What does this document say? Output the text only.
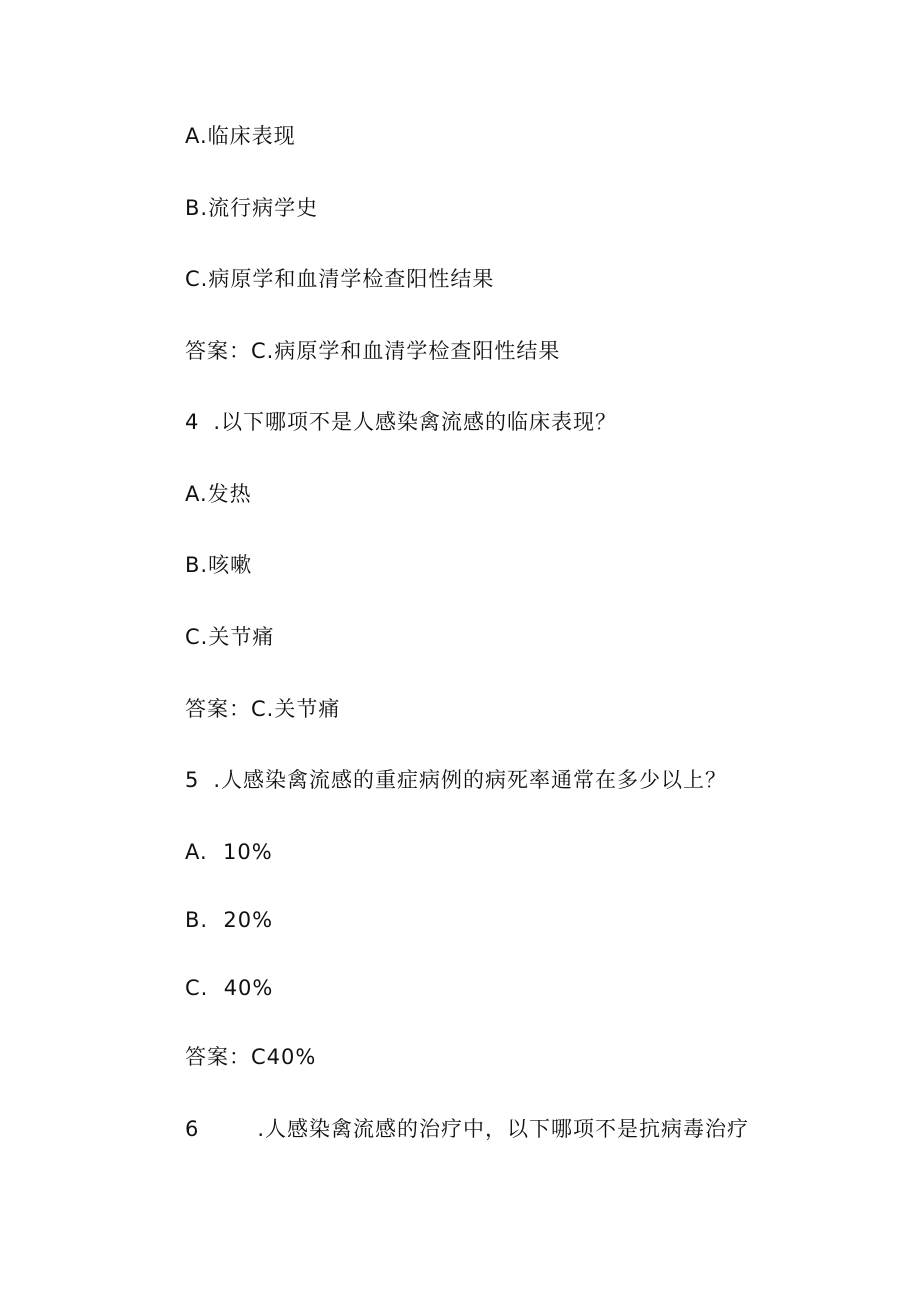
A.临床表现
B.流行病学史
C.病原学和血清学检查阳性结果
答案：C.病原学和血清学检查阳性结果
4 .以下哪项不是人感染禽流感的临床表现？
A.发热
B.咳嗽
C.关节痛
答案：C.关节痛
5 .人感染禽流感的重症病例的病死率通常在多少以上？
A.  10%
B.  20%
C.  40%
答案：C40%
6	.人感染禽流感的治疗中，以下哪项不是抗病毒治疗
